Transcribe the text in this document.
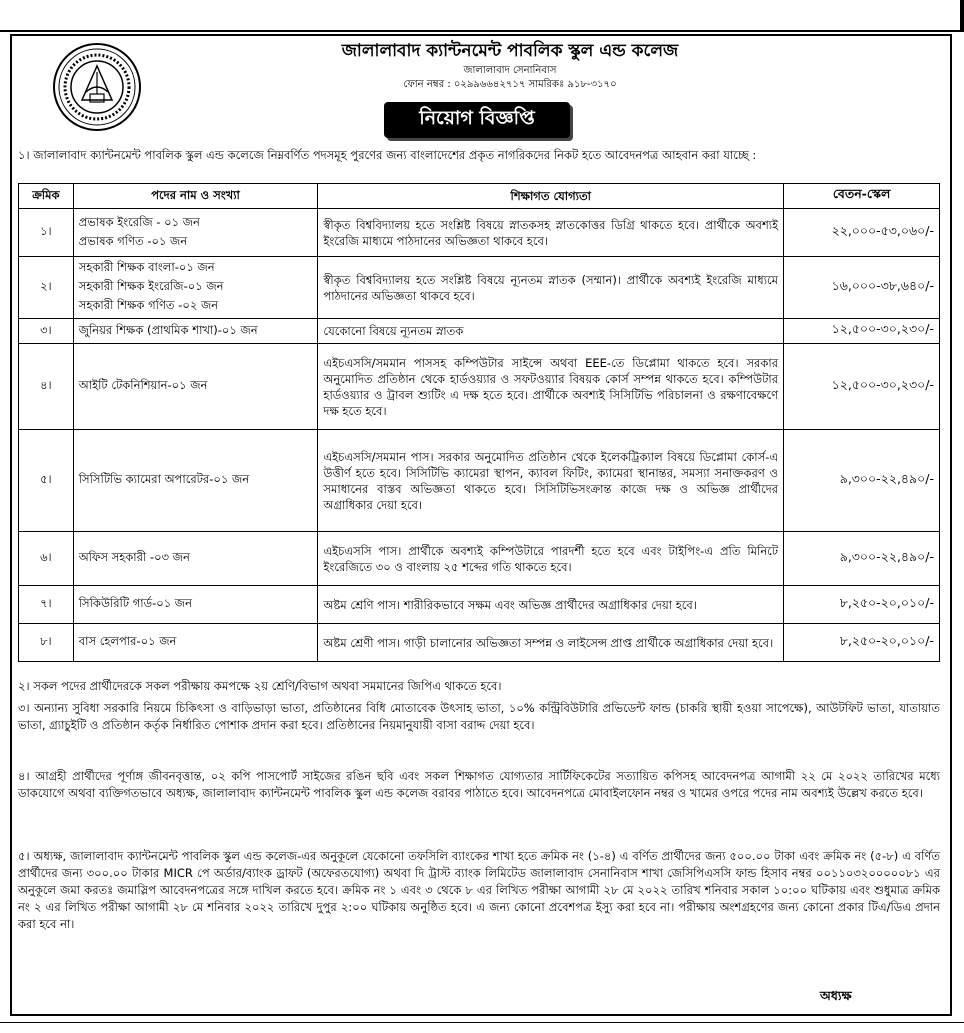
জালালাবাদ ক্যান্টনমেন্ট পাবলিক স্কুল এন্ড কলেজ
জালালাবাদ সেনানিবাস
ফোন নম্বর : ০২৯৯৬৬৪২৭১৭ সামরিকঃ ৯১৮-৩১৭০
নিয়োগ বিজ্ঞপ্তি
১। জালালাবাদ ক্যান্টনমেন্ট পাবলিক স্কুল এন্ড কলেজে নিম্নবর্ণিত পদসমূহ পুরণের জন্য বাংলাদেশের প্রকৃত নাগরিকদের নিকট হতে আবেদনপত্র আহবান করা যাচ্ছে :
ক্রমিক	পদের নাম ও সংখ্যা	শিক্ষাগত যোগ্যতা	বেতন-স্কেল
১।	প্রভাষক ইংরেজি - ০১ জন
প্রভাষক গণিত -০১ জন	স্বীকৃত বিশ্ববিদ্যালয় হতে সংশ্লিষ্ট বিষয়ে স্নাতকসহ স্নাতকোত্তর ডিগ্রি থাকতে হবে। প্রার্থীকে অবশ্যই ইংরেজি মাধ্যমে পাঠদানের অভিজ্ঞতা থাকবে হবে।	২২,০০০-৫৩,০৬০/-
২।	সহকারী শিক্ষক বাংলা-০১ জন
সহকারী শিক্ষক ইংরেজি-০১ জন
সহকারী শিক্ষক গণিত -০২ জন	স্বীকৃত বিশ্ববিদ্যালয় হতে সংশ্লিষ্ট বিষয়ে ন্যূনতম স্নাতক (সম্মান)। প্রার্থীকে অবশ্যই ইংরেজি মাধ্যমে পাঠদানের অভিজ্ঞতা থাকবে হবে।	১৬,০০০-৩৮,৬৪০/-
৩।	জুনিয়র শিক্ষক (প্রাথমিক শাখা)-০১ জন	যেকোনো বিষয়ে ন্যূনতম স্নাতক	১২,৫০০-৩০,২৩০/-
৪।	আইটি টেকনিশিয়ান-০১ জন	এইচএসসি/সমমান পাসসহ কম্পিউটার সাইন্সে অথবা EEE-তে ডিপ্লোমা থাকতে হবে। সরকার অনুমোদিত প্রতিষ্ঠান থেকে হার্ডওয়্যার ও সফটওয়্যার বিষয়ক কোর্স সম্পন্ন থাকতে হবে। কম্পিউটার হার্ডওয়্যার ও ট্রাবল শ্যুটিং এ দক্ষ হতে হবে। প্রার্থীকে অবশ্যই সিসিটিভি পরিচালনা ও রক্ষণাবেক্ষণে দক্ষ হতে হবে।	১২,৫০০-৩০,২৩০/-
৫।	সিসিটিভি ক্যামেরা অপারেটর-০১ জন	এইচএসসি/সমমান পাস। সরকার অনুমোদিত প্রতিষ্ঠান থেকে ইলেকট্রিক্যাল বিষয়ে ডিপ্লোমা কোর্স-এ উত্তীর্ণ হতে হবে। সিসিটিভি ক্যামেরা স্থাপন, ক্যাবল ফিটিং, ক্যামেরা স্থানান্তর, সমস্যা সনাক্তকরণ ও সমাধানের বাস্তব অভিজ্ঞতা থাকতে হবে। সিসিটিভিসংক্রান্ত কাজে দক্ষ ও অভিজ্ঞ প্রার্থীদের অগ্রাধিকার দেয়া হবে।	৯,৩০০-২২,৪৯০/-
৬।	অফিস সহকারী -০৩ জন	এইচএসসি পাস। প্রার্থীকে অবশ্যই কম্পিউটারে পারদর্শী হতে হবে এবং টাইপিং-এ প্রতি মিনিটে ইংরেজিতে ৩০ ও বাংলায় ২৫ শব্দের গতি থাকতে হবে।	৯,৩০০-২২,৪৯০/-
৭।	সিকিউরিটি গার্ড-০১ জন	অষ্টম শ্রেণি পাস। শারীরিকভাবে সক্ষম এবং অভিজ্ঞ প্রার্থীদের অগ্রাধিকার দেয়া হবে।	৮,২৫০-২০,০১০/-
৮।	বাস হেলপার-০১ জন	অষ্টম শ্রেণী পাস। গাড়ী চালানোর অভিজ্ঞতা সম্পন্ন ও লাইসেন্স প্রাপ্ত প্রার্থীকে অগ্রাধিকার দেয়া হবে।	৮,২৫০-২০,০১০/-
২। সকল পদের প্রার্থীদেরকে সকল পরীক্ষায় কমপক্ষে ২য় শ্রেণি/বিভাগ অথবা সমমানের জিপিএ থাকতে হবে।
৩। অন্যান্য সুবিধা সরকারি নিয়মে চিকিৎসা ও বাড়িভাড়া ভাতা, প্রতিষ্ঠানের বিধি মোতাবেক উৎসাহ ভাতা, ১০% কন্ট্রিবিউটারি প্রভিডেন্ট ফান্ড (চাকরি স্থায়ী হওয়া সাপেক্ষে), আউটফিট ভাতা, যাতায়াত ভাতা, গ্র্যাচুইটি ও প্রতিষ্ঠান কর্তৃক নির্ধারিত পোশাক প্রদান করা হবে। প্রতিষ্ঠানের নিয়মানুযায়ী বাসা বরাদ্দ দেয়া হবে।
৪। আগ্রহী প্রার্থীদের পূর্ণাঙ্গ জীবনবৃত্তান্ত, ০২ কপি পাসপোর্ট সাইজের রঙিন ছবি এবং সকল শিক্ষাগত যোগ্যতার সার্টিফিকেটের সত্যায়িত কপিসহ আবেদনপত্র আগামী ২২ মে ২০২২ তারিখের মধ্যে ডাকযোগে অথবা ব্যক্তিগতভাবে অধ্যক্ষ, জালালাবাদ ক্যান্টনমেন্ট পাবলিক স্কুল এন্ড কলেজ বরাবর পাঠাতে হবে। আবেদনপত্রে মোবাইলফোন নম্বর ও খামের ওপরে পদের নাম অবশ্যই উল্লেখ করতে হবে।
৫। অধ্যক্ষ, জালালাবাদ ক্যান্টনমেন্ট পাবলিক স্কুল এন্ড কলেজ-এর অনুকূলে যেকোনো তফসিলি ব্যাংকের শাখা হতে ক্রমিক নং (১-৪) এ বর্ণিত প্রার্থীদের জন্য ৫০০.০০ টাকা এবং ক্রমিক নং (৫-৮) এ বর্ণিত প্রার্থীদের জন্য ৩০০.০০ টাকার MICR পে অর্ডার/ব্যাংক ড্রাফট (অফেরতযোগ্য) অথবা দি ট্রাস্ট ব্যাংক লিমিটেড জালালাবাদ সেনানিবাস শাখা জেসিপিএসসি ফান্ড হিসাব নম্বর ০০১১০৩২০০০০০৮১ এর অনুকূলে জমা করতঃ জমাস্লিপ আবেদনপত্রের সঙ্গে দাখিল করতে হবে। ক্রমিক নং ১ এবং ৩ থেকে ৮ এর লিখিত পরীক্ষা আগামী ২৮ মে ২০২২ তারিখ শনিবার সকাল ১০:০০ ঘটিকায় এবং শুধুমাত্র ক্রমিক নং ২ এর লিখিত পরীক্ষা আগামী ২৮ মে শনিবার ২০২২ তারিখে দুপুর ২:০০ ঘটিকায় অনুষ্ঠিত হবে। এ জন্য কোনো প্রবেশপত্র ইস্যু করা হবে না। পরীক্ষায় অংশগ্রহণের জন্য কোনো প্রকার টিএ/ডিএ প্রদান করা হবে না।
অধ্যক্ষ
